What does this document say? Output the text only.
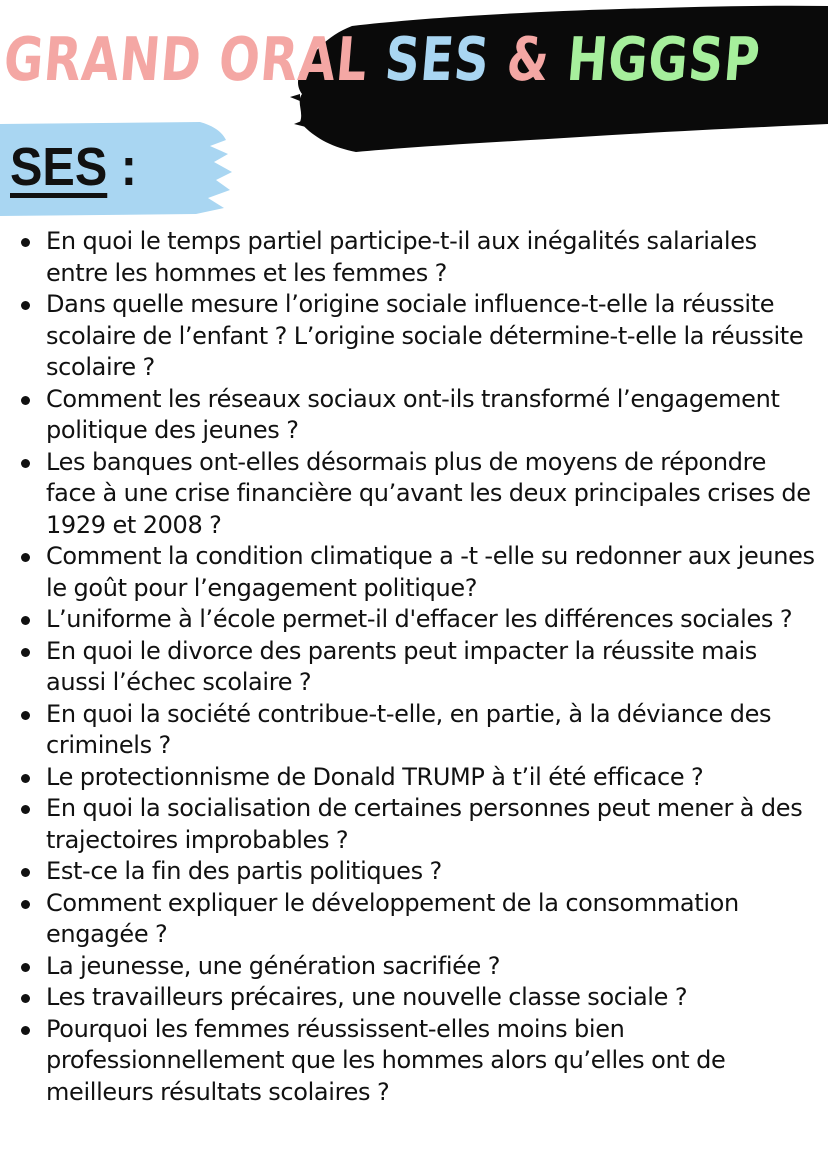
GRAND ORAL SES & HGGSP
SES :
En quoi le temps partiel participe-t-il aux inégalités salariales entre les hommes et les femmes ?
Dans quelle mesure l’origine sociale influence-t-elle la réussite scolaire de l’enfant ? L’origine sociale détermine-t-elle la réussite scolaire ?
Comment les réseaux sociaux ont-ils transformé l’engagement politique des jeunes ?
Les banques ont-elles désormais plus de moyens de répondre face à une crise financière qu’avant les deux principales crises de 1929 et 2008 ?
Comment la condition climatique a -t -elle su redonner aux jeunes le goût pour l’engagement politique?
L’uniforme à l’école permet-il d'effacer les différences sociales ?
En quoi le divorce des parents peut impacter la réussite mais aussi l’échec scolaire ?
En quoi la société contribue-t-elle, en partie, à la déviance des criminels ?
Le protectionnisme de Donald TRUMP à t’il été efficace ?
En quoi la socialisation de certaines personnes peut mener à des trajectoires improbables ?
Est-ce la fin des partis politiques ?
Comment expliquer le développement de la consommation engagée ?
La jeunesse, une génération sacrifiée ?
Les travailleurs précaires, une nouvelle classe sociale ?
Pourquoi les femmes réussissent-elles moins bien professionnellement que les hommes alors qu’elles ont de meilleurs résultats scolaires ?
